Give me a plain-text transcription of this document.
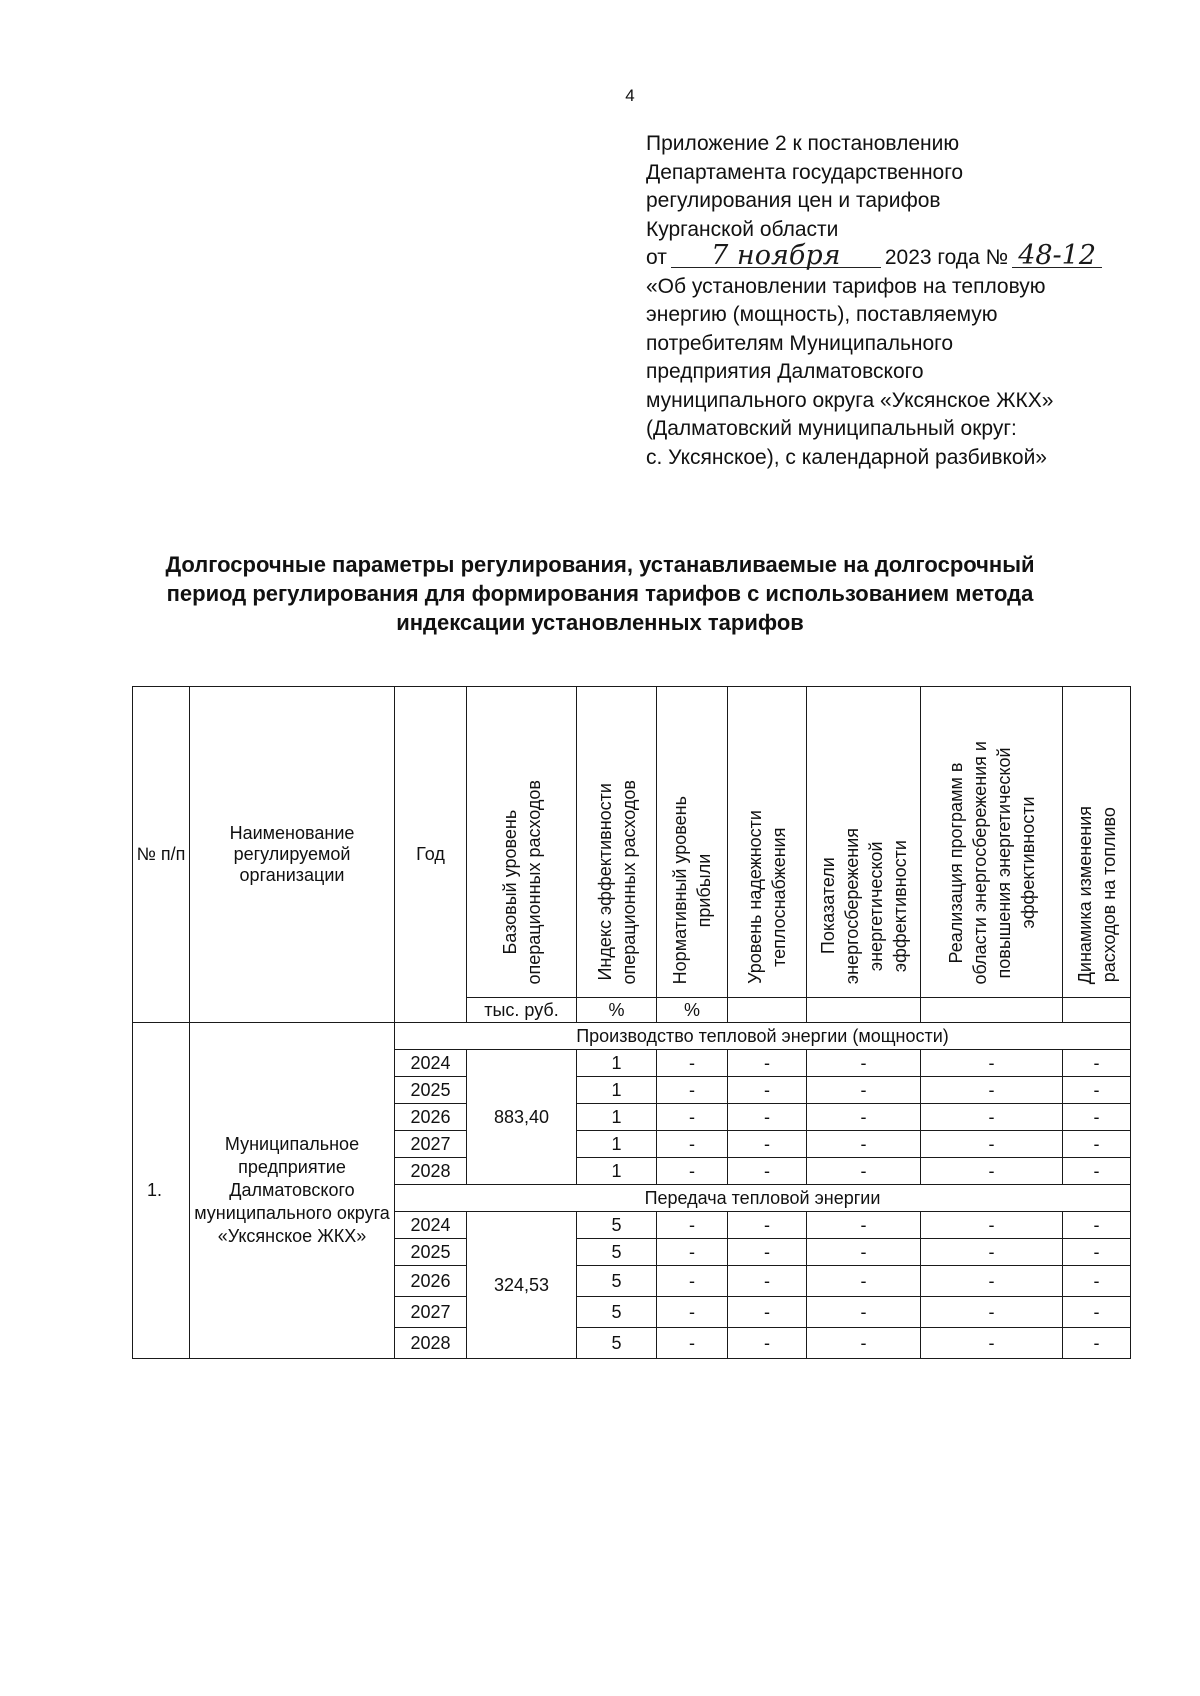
4
Приложение 2 к постановлению
Департамента государственного
регулирования цен и тарифов
Курганской области
от 7 ноября 2023 года № 48-12
«Об установлении тарифов на тепловую
энергию (мощность), поставляемую
потребителям Муниципального
предприятия Далматовского
муниципального округа «Уксянское ЖКХ»
(Далматовский муниципальный округ:
с. Уксянское), с календарной разбивкой»
Долгосрочные параметры регулирования, устанавливаемые на долгосрочный
период регулирования для формирования тарифов с использованием метода
индексации установленных тарифов
№ п/п	Наименование регулируемой организации	Год	Базовый уровень операционных расходов	Индекс эффективности операционных расходов	Нормативный уровень прибыли	Уровень надежности теплоснабжения	Показатели энергосбережения энергетической эффективности	Реализация программ в области энергосбережения и повышения энергетической эффективности	Динамика изменения расходов на топливо
			тыс. руб.	%	%				
1.	Муниципальное предприятие Далматовского муниципального округа «Уксянское ЖКХ»	Производство тепловой энергии (мощности)							
		2024	883,40	1	-	-	-	-	-
		2025		1	-	-	-	-	-
		2026		1	-	-	-	-	-
		2027		1	-	-	-	-	-
		2028		1	-	-	-	-	-
		Передача тепловой энергии							
		2024	324,53	5	-	-	-	-	-
		2025		5	-	-	-	-	-
		2026		5	-	-	-	-	-
		2027		5	-	-	-	-	-
		2028		5	-	-	-	-	-
